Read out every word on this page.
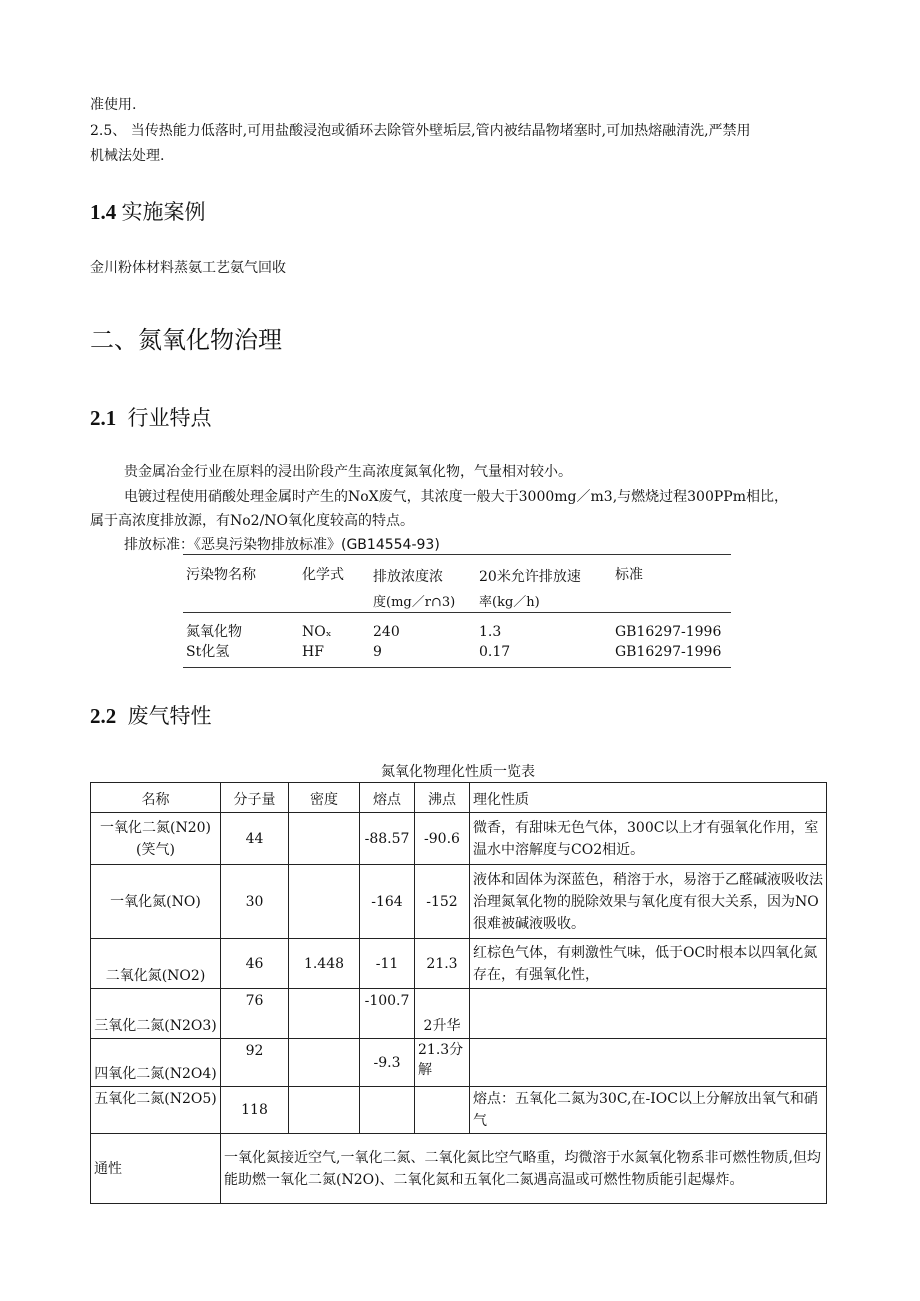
准使用.
2.5、 当传热能力低落时,可用盐酸浸泡或循环去除管外壁垢层,管内被结晶物堵塞时,可加热熔融清洗,严禁用
机械法处理.
1.4 实施案例
金川粉体材料蒸氨工艺氨气回收
二、氮氧化物治理
2.1 行业特点
贵金属冶金行业在原料的浸出阶段产生高浓度氮氧化物，气量相对较小。
电镀过程使用硝酸处理金属时产生的NoX废气，其浓度一般大于3000mg／m3,与燃烧过程300PPm相比，
属于高浓度排放源，有No2/NO氧化度较高的特点。
排放标准：《恶臭污染物排放标准》(GB14554-93)
污染物名称	化学式 排放浓度浓	20米允许排放速 标准
度(mg／r∩3) 率(kg／h)
氮氧化物	NOₓ	240	1.3	GB16297-1996
St化氢	HF	9	0.17	GB16297-1996
2.2 废气特性
氮氧化物理化性质一览表
名称	分子量	密度	熔点	沸点	理化性质
一氧化二氮(N20)(笑气)	44		-88.57	-90.6	微香，有甜味无色气体，300C以上才有强氧化作用，室温水中溶解度与CO2相近。
一氧化氮(NO)	30		-164	-152	液体和固体为深蓝色，稍溶于水，易溶于乙醛碱液吸收法治理氮氧化物的脱除效果与氧化度有很大关系，因为NO很难被碱液吸收。
二氧化氮(NO2)	46	1.448	-11	21.3	红棕色气体，有刺激性气味，低于OC时根本以四氧化氮存在，有强氧化性，
三氧化二氮(N2O3)	76		-100.7	2升华	
四氧化二氮(N2O4)	92		-9.3	21.3分解	
五氧化二氮(N2O5)	118				熔点：五氧化二氮为30C,在-IOC以上分解放出氧气和硝气
通性	一氧化氮接近空气,一氧化二氮、二氧化氮比空气略重，均微溶于水氮氧化物系非可燃性物质,但均能助燃一氧化二氮(N2O)、二氧化氮和五氧化二氮遇高温或可燃性物质能引起爆炸。				
